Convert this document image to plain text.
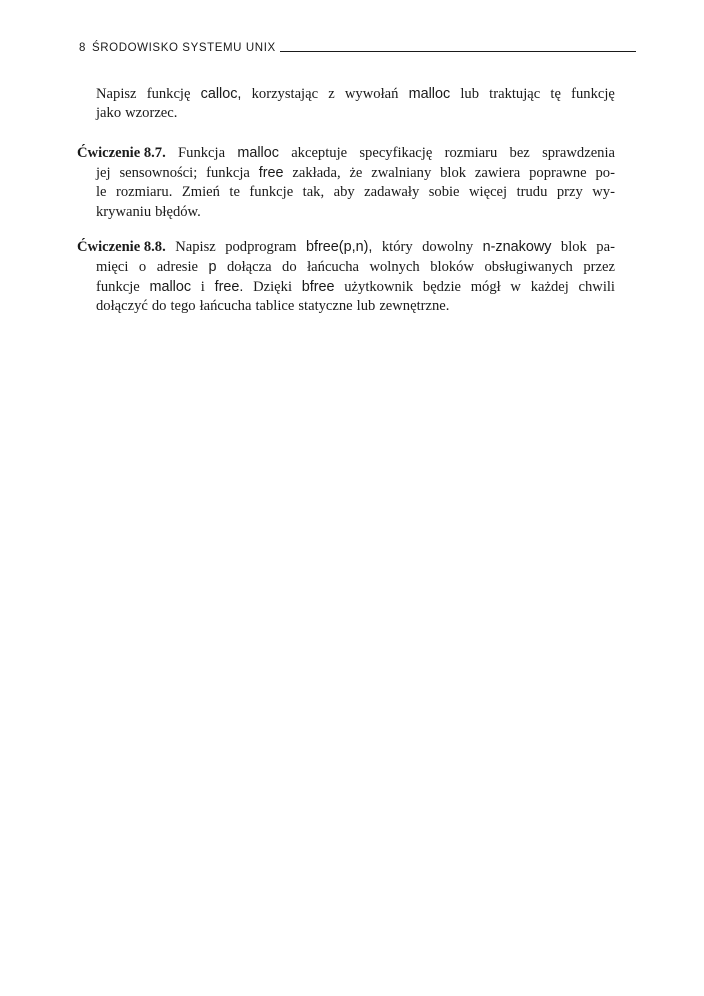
8 ŚRODOWISKO SYSTEMU UNIX
Napisz funkcję calloc, korzystając z wywołań malloc lub traktując tę funkcję
jako wzorzec.
Ćwiczenie 8.7. Funkcja malloc akceptuje specyfikację rozmiaru bez sprawdzenia
jej sensowności; funkcja free zakłada, że zwalniany blok zawiera poprawne po-
le rozmiaru. Zmień te funkcje tak, aby zadawały sobie więcej trudu przy wy-
krywaniu błędów.
Ćwiczenie 8.8. Napisz podprogram bfree(p,n), który dowolny n-znakowy blok pa-
mięci o adresie p dołącza do łańcucha wolnych bloków obsługiwanych przez
funkcje malloc i free. Dzięki bfree użytkownik będzie mógł w każdej chwili
dołączyć do tego łańcucha tablice statyczne lub zewnętrzne.
